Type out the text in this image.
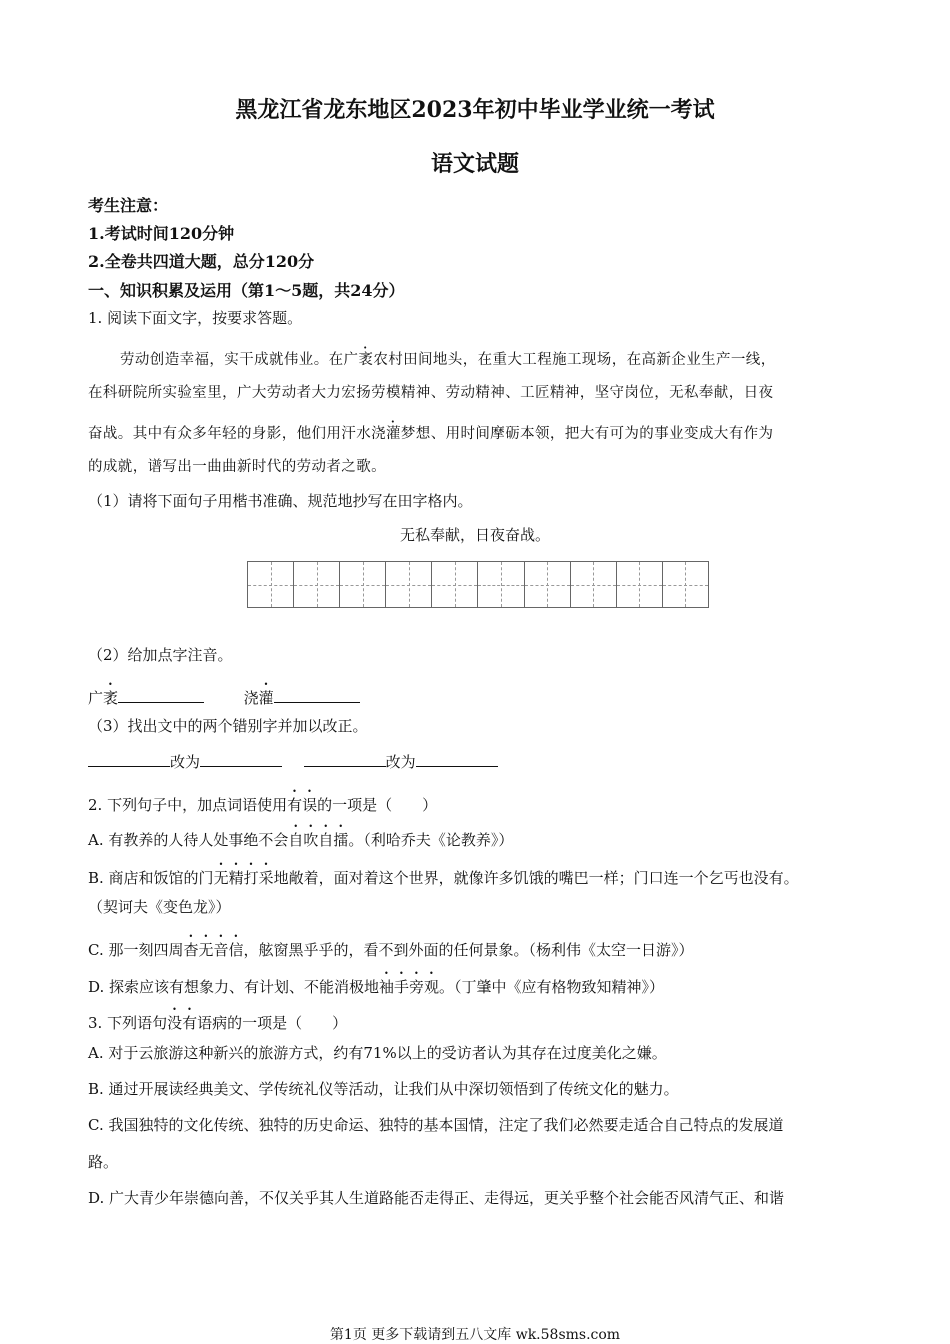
黑龙江省龙东地区2023年初中毕业学业统一考试
语文试题
考生注意：
1.考试时间120分钟
2.全卷共四道大题，总分120分
一、知识积累及运用（第1～5题，共24分）
1. 阅读下面文字，按要求答题。
劳动创造幸福，实干成就伟业。在广袤农村田间地头，在重大工程施工现场，在高新企业生产一线，
在科研院所实验室里，广大劳动者大力宏扬劳模精神、劳动精神、工匠精神，坚守岗位，无私奉献，日夜
奋战。其中有众多年轻的身影，他们用汗水浇灌梦想、用时间摩砺本领，把大有可为的事业变成大有作为
的成就，谱写出一曲曲新时代的劳动者之歌。
（1）请将下面句子用楷书准确、规范地抄写在田字格内。
无私奉献，日夜奋战。
（2）给加点字注音。
广袤	浇灌
（3）找出文中的两个错别字并加以改正。
改为	改为
2. 下列句子中，加点词语使用有误的一项是（　　）
A. 有教养的人待人处事绝不会自吹自擂。（利哈乔夫《论教养》）
B. 商店和饭馆的门无精打采地敞着，面对着这个世界，就像许多饥饿的嘴巴一样；门口连一个乞丐也没有。
（契诃夫《变色龙》）
C. 那一刻四周杳无音信，舷窗黑乎乎的，看不到外面的任何景象。（杨利伟《太空一日游》）
D. 探索应该有想象力、有计划、不能消极地袖手旁观。（丁肇中《应有格物致知精神》）
3. 下列语句没有语病的一项是（　　）
A. 对于云旅游这种新兴的旅游方式，约有71%以上的受访者认为其存在过度美化之嫌。
B. 通过开展读经典美文、学传统礼仪等活动，让我们从中深切领悟到了传统文化的魅力。
C. 我国独特的文化传统、独特的历史命运、独特的基本国情，注定了我们必然要走适合自己特点的发展道
路。
D. 广大青少年崇德向善，不仅关乎其人生道路能否走得正、走得远，更关乎整个社会能否风清气正、和谐
第1页 更多下载请到五八文库 wk.58sms.com
